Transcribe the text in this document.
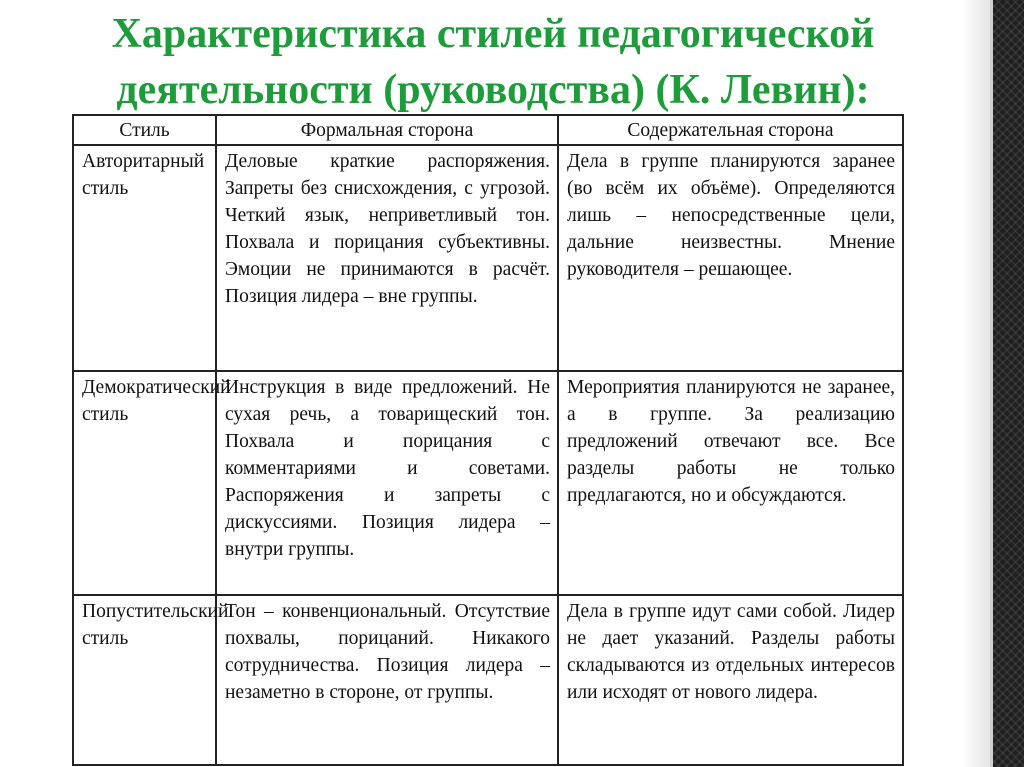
Характеристика стилей педагогической
деятельности (руководства) (К. Левин):
Стиль	Формальная сторона	Содержательная сторона
Авторитарный стиль	Деловые краткие распоряжения. Запреты без снисхождения, с угрозой. Четкий язык, неприветливый тон. Похвала и порицания субъективны. Эмоции не принимаются в расчёт. Позиция лидера – вне группы.	Дела в группе планируются заранее (во всём их объёме). Определяются лишь – непосредственные цели, дальние неизвестны. Мнение руководителя – решающее.
Демократический стиль	Инструкция в виде предложений. Не сухая речь, а товарищеский тон. Похвала и порицания с комментариями и советами. Распоряжения и запреты с дискуссиями. Позиция лидера – внутри группы.	Мероприятия планируются не заранее, а в группе. За реализацию предложений отвечают все. Все разделы работы не только предлагаются, но и обсуждаются.
Попустительский стиль	Тон – конвенциональный. Отсутствие похвалы, порицаний. Никакого сотрудничества. Позиция лидера – незаметно в стороне, от группы.	Дела в группе идут сами собой. Лидер не дает указаний. Разделы работы складываются из отдельных интересов или исходят от нового лидера.
